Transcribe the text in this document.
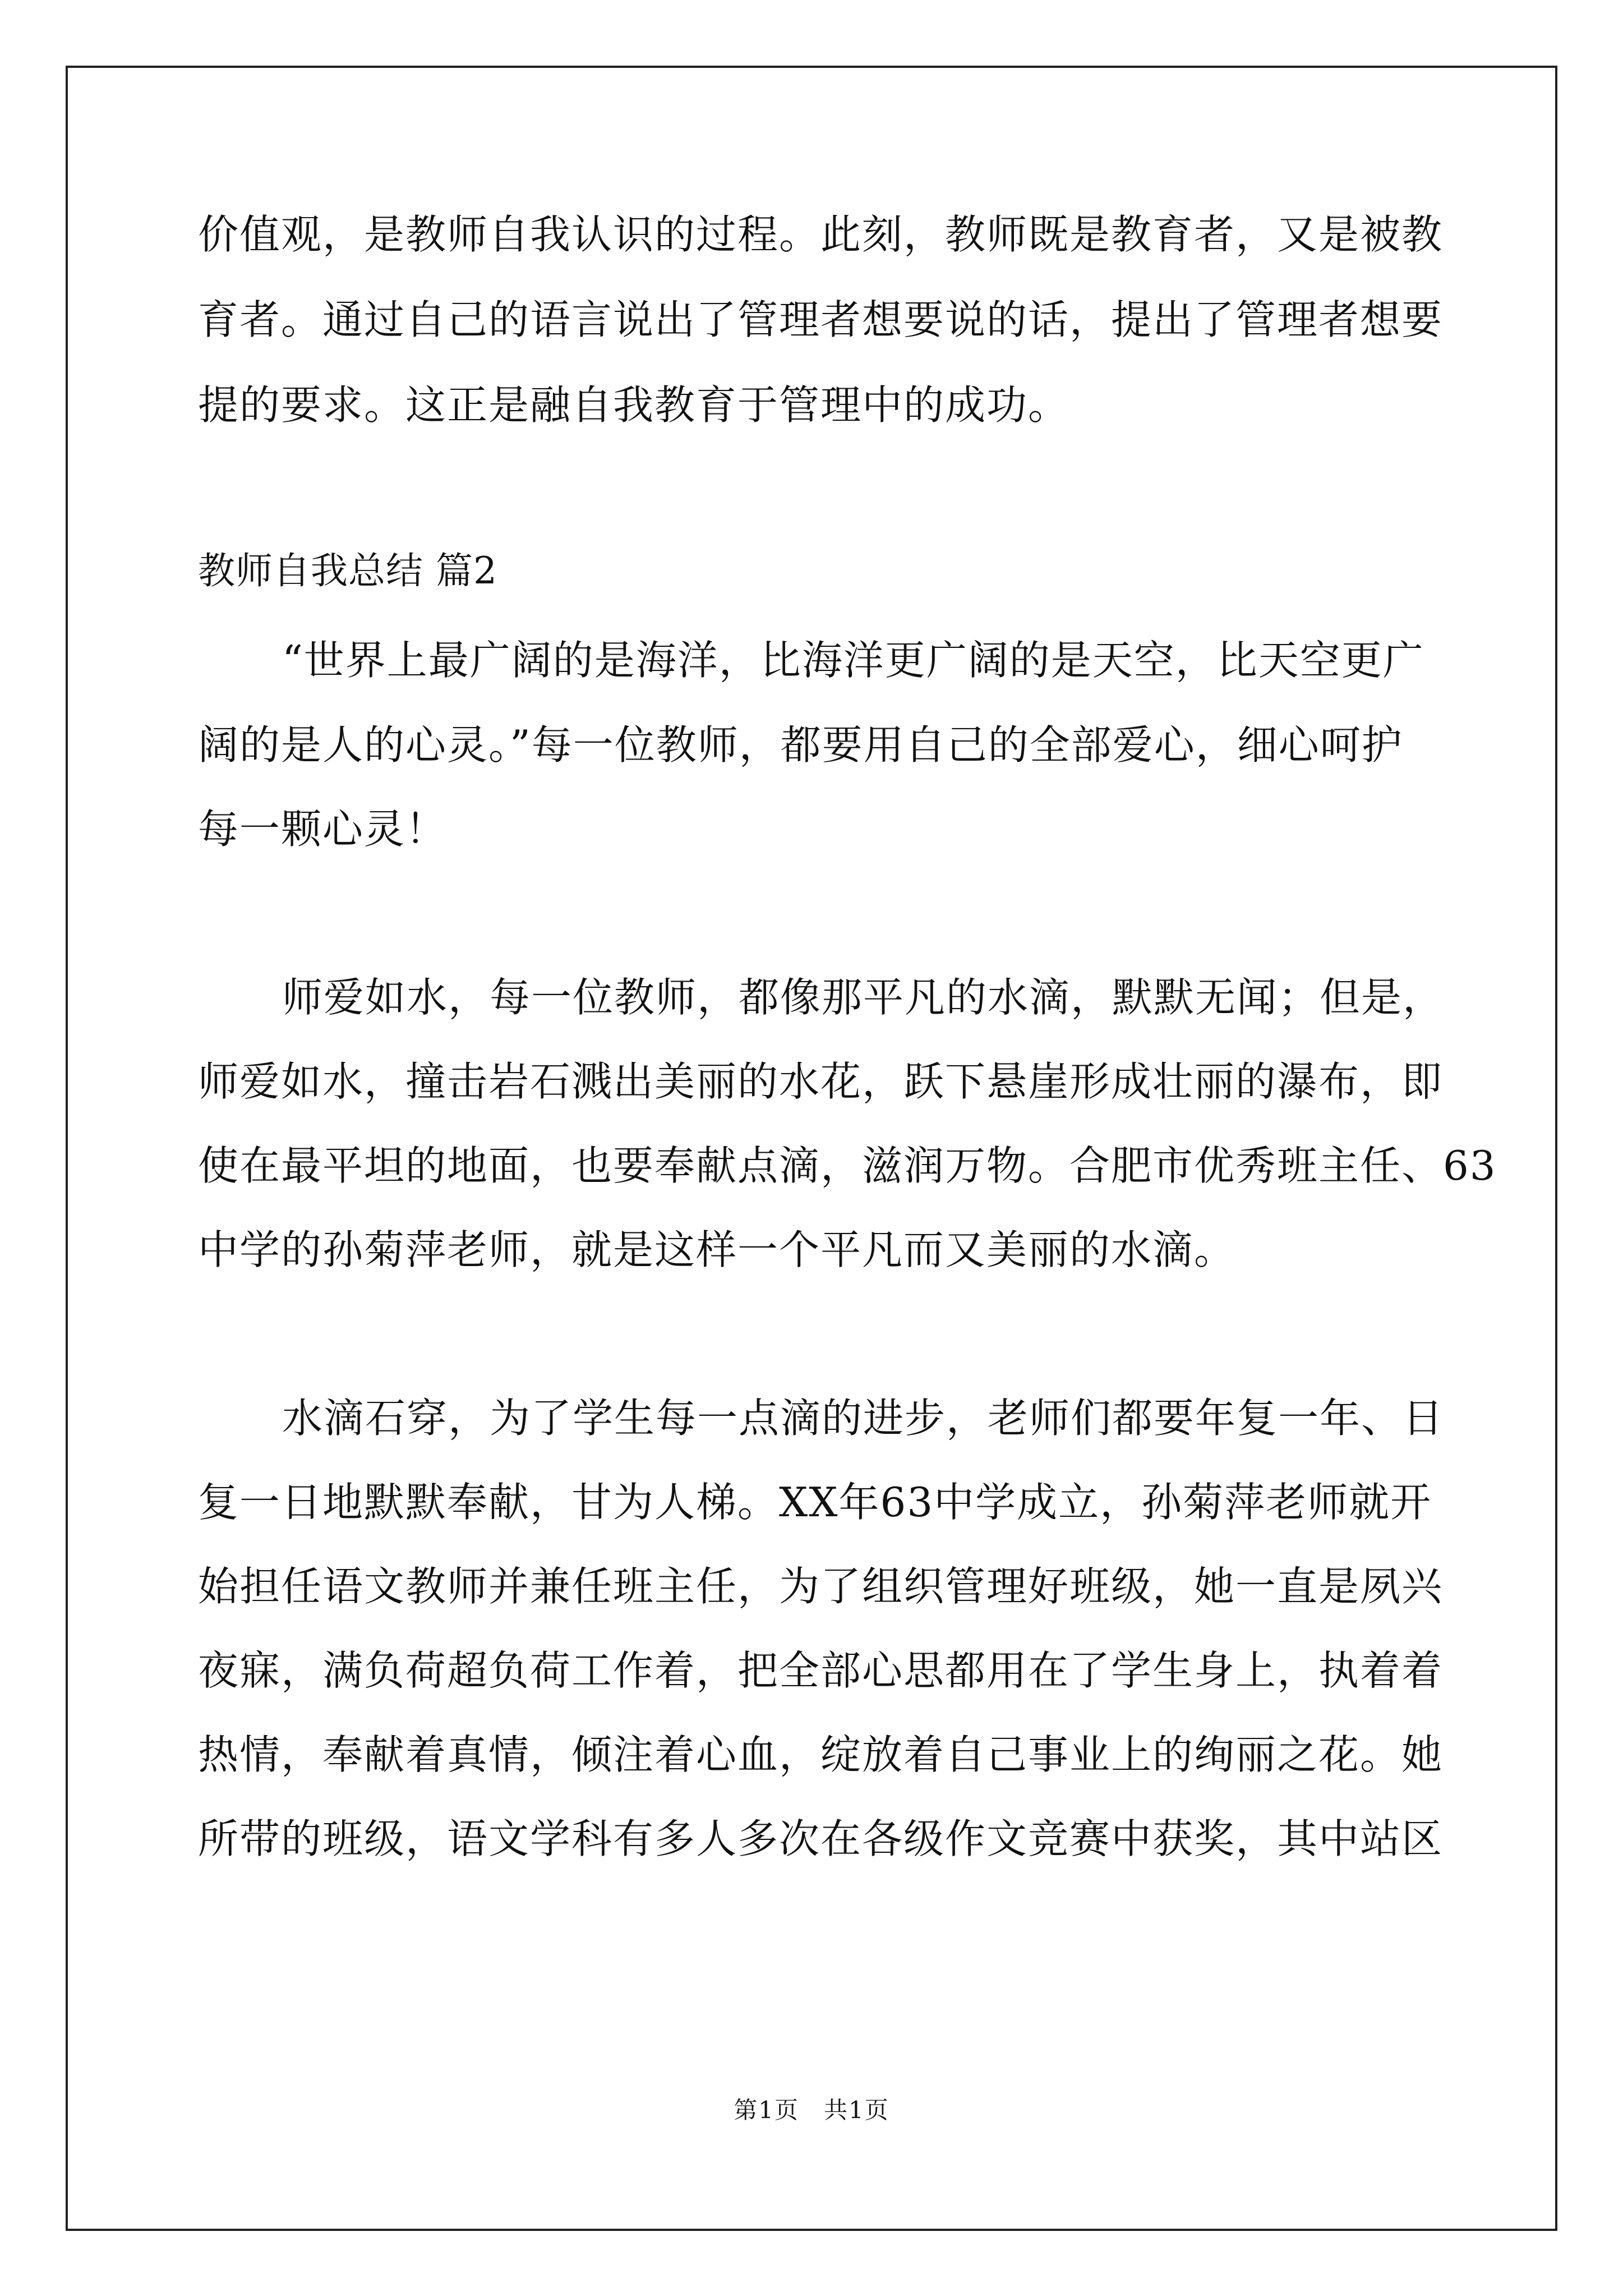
价值观，是教师自我认识的过程。此刻，教师既是教育者，又是被教
育者。通过自己的语言说出了管理者想要说的话，提出了管理者想要
提的要求。这正是融自我教育于管理中的成功。
教师自我总结 篇2
“世界上最广阔的是海洋，比海洋更广阔的是天空，比天空更广
阔的是人的心灵。”每一位教师，都要用自己的全部爱心，细心呵护
每一颗心灵！
师爱如水，每一位教师，都像那平凡的水滴，默默无闻；但是，
师爱如水，撞击岩石溅出美丽的水花，跃下悬崖形成壮丽的瀑布，即
使在最平坦的地面，也要奉献点滴，滋润万物。合肥市优秀班主任、63
中学的孙菊萍老师，就是这样一个平凡而又美丽的水滴。
水滴石穿，为了学生每一点滴的进步，老师们都要年复一年、日
复一日地默默奉献，甘为人梯。XX年63中学成立，孙菊萍老师就开
始担任语文教师并兼任班主任，为了组织管理好班级，她一直是夙兴
夜寐，满负荷超负荷工作着，把全部心思都用在了学生身上，执着着
热情，奉献着真情，倾注着心血，绽放着自己事业上的绚丽之花。她
所带的班级，语文学科有多人多次在各级作文竞赛中获奖，其中站区
第1页　共1页
